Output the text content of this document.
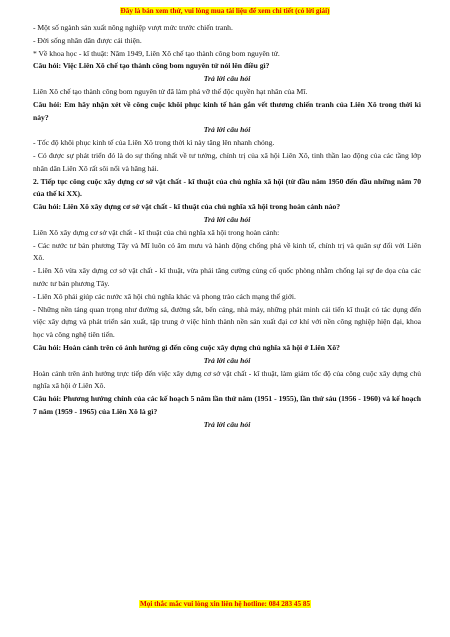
Đây là bản xem thử, vui lòng mua tài liệu để xem chi tiết (có lời giải)

- Một số ngành sản xuất nông nghiệp vượt mức trước chiến tranh.

- Đời sống nhân dân được cải thiện.

* Về khoa học - kĩ thuật: Năm 1949, Liên Xô chế tạo thành công bom nguyên tử.

Câu hỏi: Việc Liên Xô chế tạo thành công bom nguyên tử nói lên điều gì?

Trả lời câu hỏi

Liên Xô chế tạo thành công bom nguyên tử đã làm phá vỡ thế độc quyền hạt nhân của Mĩ.

Câu hỏi: Em hãy nhận xét về công cuộc khôi phục kinh tế hàn gắn vết thương chiến tranh của Liên Xô trong thời kì này?

Trả lời câu hỏi

- Tốc độ khôi phục kinh tế của Liên Xô trong thời kì này tăng lên nhanh chóng.

- Có được sự phát triển đó là do sự thống nhất về tư tưởng, chính trị của xã hội Liên Xô, tinh thần lao động của các tầng lớp nhân dân Liên Xô rất sôi nổi và hăng hái.

2. Tiếp tục công cuộc xây dựng cơ sở vật chất - kĩ thuật của chủ nghĩa xã hội (từ đầu năm 1950 đến đầu những năm 70 của thế kỉ XX).

Câu hỏi: Liên Xô xây dựng cơ sở vật chất - kĩ thuật của chủ nghĩa xã hội trong hoàn cảnh nào?

Trả lời câu hỏi

Liên Xô xây dựng cơ sở vật chất - kĩ thuật của chủ nghĩa xã hội trong hoàn cảnh:

- Các nước tư bản phương Tây và Mĩ luôn có âm mưu và hành động chống phá về kinh tế, chính trị và quân sự đối với Liên Xô.

- Liên Xô vừa xây dựng cơ sở vật chất - kĩ thuật, vừa phải tăng cường củng cố quốc phòng nhằm chống lại sự đe dọa của các nước tư bản phương Tây.

- Liên Xô phải giúp các nước xã hội chủ nghĩa khác và phong trào cách mạng thế giới.

- Những nền tảng quan trọng như đường sá, đường sắt, bến cảng, nhà máy, những phát minh cải tiến kĩ thuật có tác dụng đến việc xây dựng và phát triển sản xuất, tập trung ở việc hình thành nền sản xuất đại cơ khí với nền công nghiệp hiện đại, khoa học và công nghệ tiên tiến.

Câu hỏi: Hoàn cảnh trên có ảnh hưởng gì đến công cuộc xây dựng chủ nghĩa xã hội ở Liên Xô?

Trả lời câu hỏi

Hoàn cảnh trên ảnh hưởng trực tiếp đến việc xây dựng cơ sở vật chất - kĩ thuật, làm giảm tốc độ của công cuộc xây dựng chủ nghĩa xã hội ở Liên Xô.

Câu hỏi: Phương hướng chính của các kế hoạch 5 năm lần thứ năm (1951 - 1955), lần thứ sáu (1956 - 1960) và kế hoạch 7 năm (1959 - 1965) của Liên Xô là gì?

Trả lời câu hỏi

Mọi thắc mắc vui lòng xin liên hệ hotline: 084 283 45 85
